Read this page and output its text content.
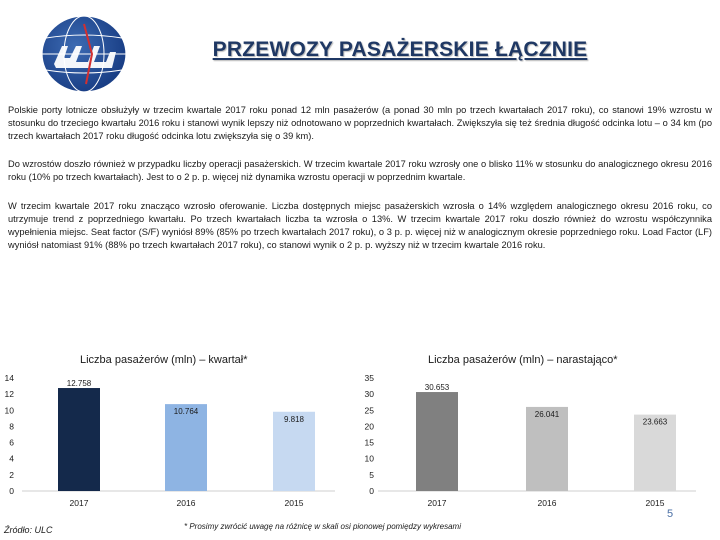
PRZEWOZY PASAŻERSKIE ŁĄCZNIE

Polskie porty lotnicze obsłużyły w trzecim kwartale 2017 roku ponad 12 mln pasażerów (a ponad 30 mln po trzech kwartałach 2017 roku), co stanowi 19% wzrostu w stosunku do trzeciego kwartału 2016 roku i stanowi wynik lepszy niż odnotowano w poprzednich kwartałach. Zwiększyła się też średnia długość odcinka lotu – o 34 km (po trzech kwartałach 2017 roku długość odcinka lotu zwiększyła się o 39 km).

Do wzrostów doszło również w przypadku liczby operacji pasażerskich. W trzecim kwartale 2017 roku wzrosły one o blisko 11% w stosunku do analogicznego okresu 2016 roku (10% po trzech kwartałach). Jest to o 2 p. p. więcej niż dynamika wzrostu operacji w poprzednim kwartale.

W trzecim kwartale 2017 roku znacząco wzrosło oferowanie. Liczba dostępnych miejsc pasażerskich wzrosła o 14% względem analogicznego okresu 2016 roku, co utrzymuje trend z poprzedniego kwartału. Po trzech kwartałach liczba ta wzrosła o 13%. W trzecim kwartale 2017 roku doszło również do wzrostu współczynnika wypełnienia miejsc. Seat factor (S/F) wyniósł 89% (85% po trzech kwartałach 2017 roku), o 3 p. p. więcej niż w analogicznym okresie poprzedniego roku. Load Factor (LF) wyniósł natomiast 91% (88% po trzech kwartałach 2017 roku), co stanowi wynik o 2 p. p. wyższy niż w trzecim kwartale 2016 roku.

Liczba pasażerów (mln) – kwartał*	Liczba pasażerów (mln) – narastająco*
0
2
4
6
8
10
12
14
12.758
2017
10.764
2016
9.818
2015
0
5
10
15
20
25
30
35
30.653
2017
26.041
2016
23.663
2015
Źródło: ULC	* Prosimy zwrócić uwagę na różnicę w skali osi pionowej pomiędzy wykresami
5
